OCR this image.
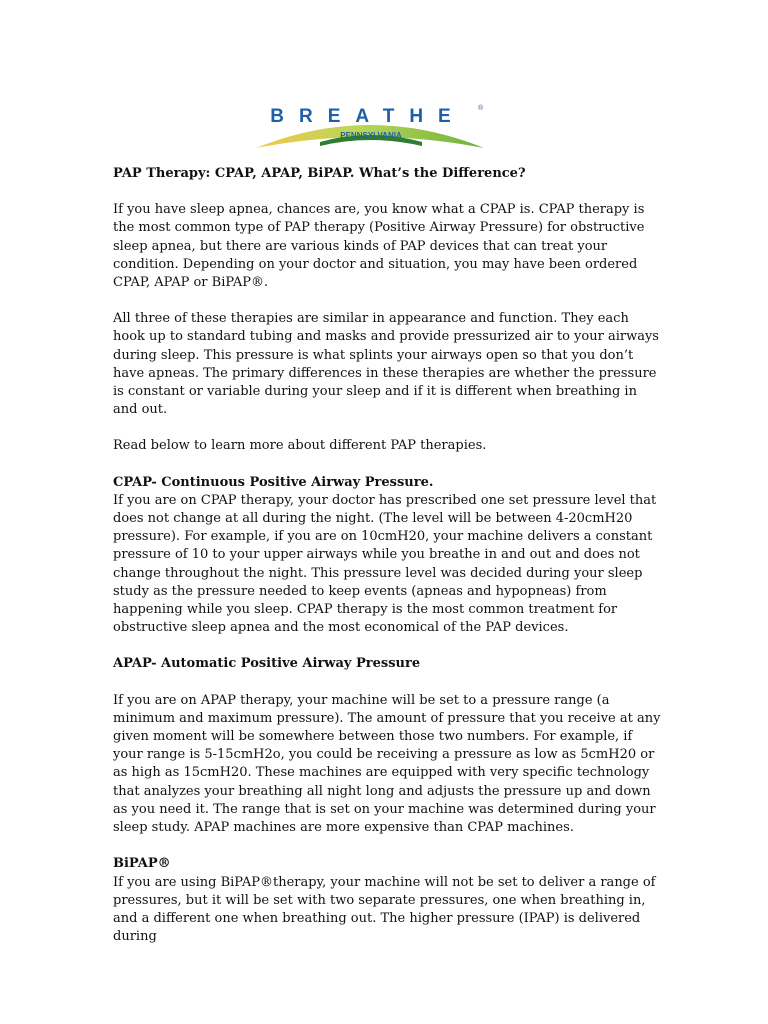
BREATHE ®
PENNSYLVANIA

PAP Therapy: CPAP, APAP, BiPAP. What’s the Difference?

If you have sleep apnea, chances are, you know what a CPAP is. CPAP therapy is the most common type of PAP therapy (Positive Airway Pressure) for obstructive sleep apnea, but there are various kinds of PAP devices that can treat your condition. Depending on your doctor and situation, you may have been ordered CPAP, APAP or BiPAP®.

All three of these therapies are similar in appearance and function. They each hook up to standard tubing and masks and provide pressurized air to your airways during sleep. This pressure is what splints your airways open so that you don’t have apneas. The primary differences in these therapies are whether the pressure is constant or variable during your sleep and if it is different when breathing in and out.

Read below to learn more about different PAP therapies.

CPAP- Continuous Positive Airway Pressure.

If you are on CPAP therapy, your doctor has prescribed one set pressure level that does not change at all during the night. (The level will be between 4-20cmH20 pressure). For example, if you are on 10cmH20, your machine delivers a constant pressure of 10 to your upper airways while you breathe in and out and does not change throughout the night. This pressure level was decided during your sleep study as the pressure needed to keep events (apneas and hypopneas) from happening while you sleep. CPAP therapy is the most common treatment for obstructive sleep apnea and the most economical of the PAP devices.

APAP- Automatic Positive Airway Pressure

If you are on APAP therapy, your machine will be set to a pressure range (a minimum and maximum pressure). The amount of pressure that you receive at any given moment will be somewhere between those two numbers. For example, if your range is 5-15cmH2o, you could be receiving a pressure as low as 5cmH20 or as high as 15cmH20. These machines are equipped with very specific technology that analyzes your breathing all night long and adjusts the pressure up and down as you need it. The range that is set on your machine was determined during your sleep study. APAP machines are more expensive than CPAP machines.

BiPAP®

If you are using BiPAP®therapy, your machine will not be set to deliver a range of pressures, but it will be set with two separate pressures, one when breathing in, and a different one when breathing out. The higher pressure (IPAP) is delivered during
